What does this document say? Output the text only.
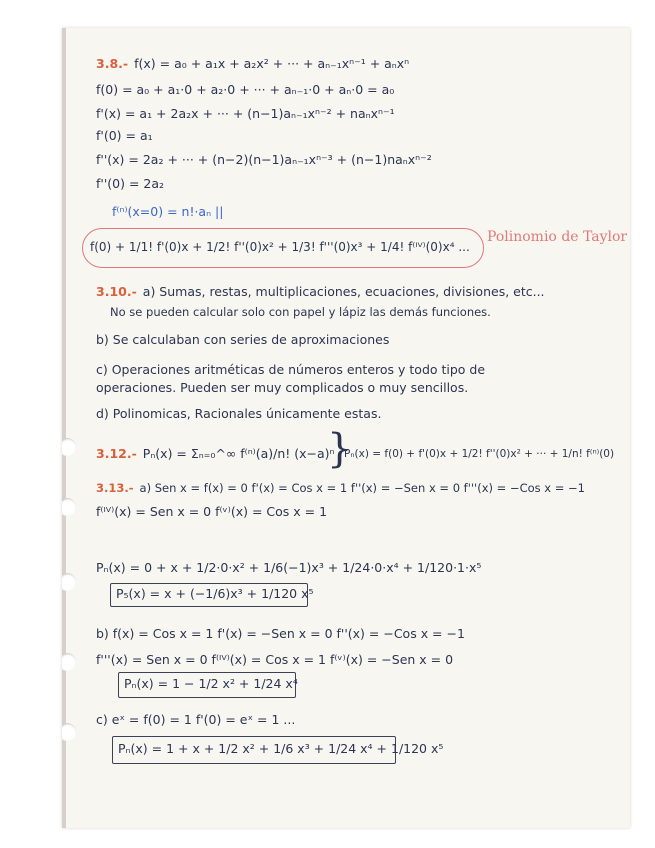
3.8.- f(x) = a₀ + a₁x + a₂x² + ··· + aₙ₋₁xⁿ⁻¹ + aₙxⁿ
f(0) = a₀ + a₁·0 + a₂·0 + ··· + aₙ₋₁·0 + aₙ·0 = a₀
f'(x) = a₁ + 2a₂x + ··· + (n−1)aₙ₋₁xⁿ⁻² + naₙxⁿ⁻¹
f'(0) = a₁
f''(x) = 2a₂ + ··· + (n−2)(n−1)aₙ₋₁xⁿ⁻³ + (n−1)naₙxⁿ⁻²
f''(0) = 2a₂
f⁽ⁿ⁾(x=0) = n!·aₙ ||
f(0) + 1/1! f'(0)x + 1/2! f''(0)x² + 1/3! f'''(0)x³ + 1/4! f⁽ᴵⱽ⁾(0)x⁴ ...
Polinomio de Taylor
3.10.- a) Sumas, restas, multiplicaciones, ecuaciones, divisiones, etc...
No se pueden calcular solo con papel y lápiz las demás funciones.
b) Se calculaban con series de aproximaciones
c) Operaciones aritméticas de números enteros y todo tipo de
operaciones. Pueden ser muy complicados o muy sencillos.
d) Polinomicas, Racionales únicamente estas.
3.12.- Pₙ(x) = Σₙ₌₀^∞ f⁽ⁿ⁾(a)/n! (x−a)ⁿ
}
Pₙ(x) = f(0) + f'(0)x + 1/2! f''(0)x² + ··· + 1/n! f⁽ⁿ⁾(0)
3.13.- a) Sen x = f(x) = 0 f'(x) = Cos x = 1 f''(x) = −Sen x = 0 f'''(x) = −Cos x = −1
f⁽ᴵⱽ⁾(x) = Sen x = 0 f⁽ᵛ⁾(x) = Cos x = 1
Pₙ(x) = 0 + x + 1/2·0·x² + 1/6(−1)x³ + 1/24·0·x⁴ + 1/120·1·x⁵
P₅(x) = x + (−1/6)x³ + 1/120 x⁵
b) f(x) = Cos x = 1 f'(x) = −Sen x = 0 f''(x) = −Cos x = −1
f'''(x) = Sen x = 0 f⁽ᴵⱽ⁾(x) = Cos x = 1 f⁽ᵛ⁾(x) = −Sen x = 0
Pₙ(x) = 1 − 1/2 x² + 1/24 x⁴
c) eˣ = f(0) = 1 f'(0) = eˣ = 1 ...
Pₙ(x) = 1 + x + 1/2 x² + 1/6 x³ + 1/24 x⁴ + 1/120 x⁵
